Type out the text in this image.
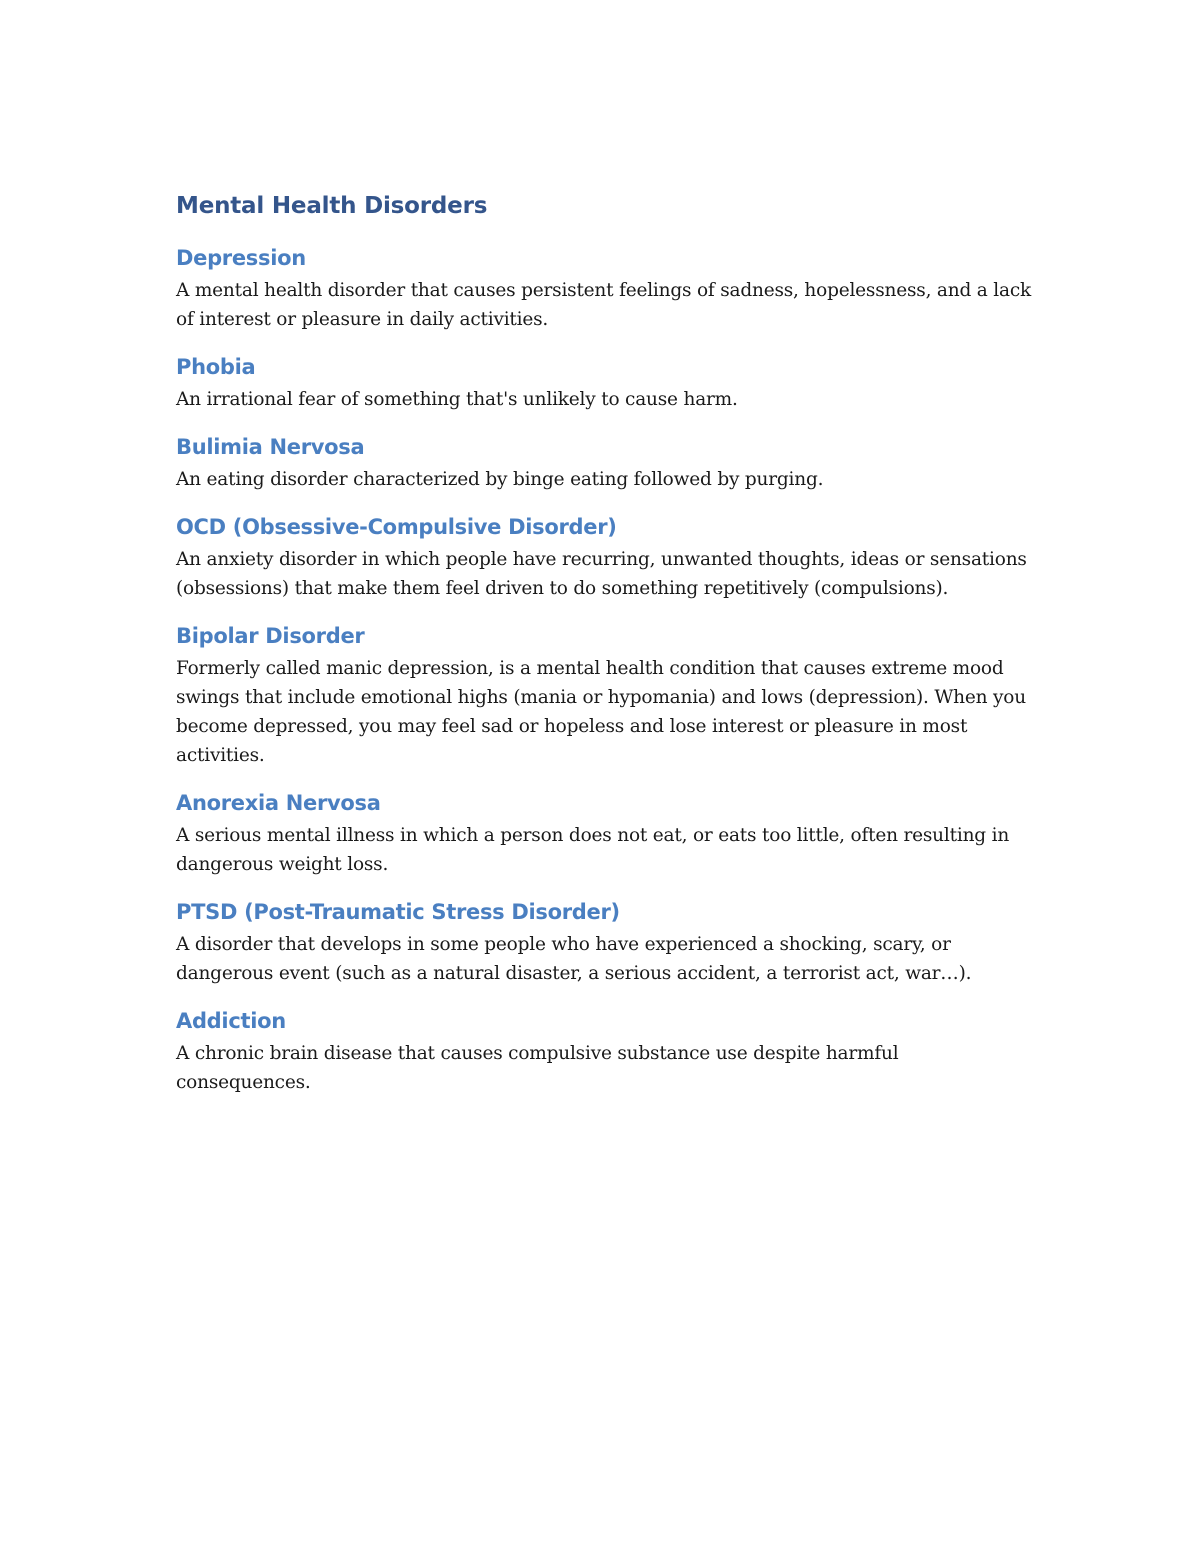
Mental Health Disorders
Depression

A mental health disorder that causes persistent feelings of sadness, hopelessness, and a lack of interest or pleasure in daily activities.

Phobia

An irrational fear of something that's unlikely to cause harm.

Bulimia Nervosa

An eating disorder characterized by binge eating followed by purging.

OCD (Obsessive-Compulsive Disorder)

An anxiety disorder in which people have recurring, unwanted thoughts, ideas or sensations (obsessions) that make them feel driven to do something repetitively (compulsions).

Bipolar Disorder

Formerly called manic depression, is a mental health condition that causes extreme mood swings that include emotional highs (mania or hypomania) and lows (depression). When you become depressed, you may feel sad or hopeless and lose interest or pleasure in most activities.

Anorexia Nervosa

A serious mental illness in which a person does not eat, or eats too little, often resulting in dangerous weight loss.

PTSD (Post-Traumatic Stress Disorder)

A disorder that develops in some people who have experienced a shocking, scary, or dangerous event (such as a natural disaster, a serious accident, a terrorist act, war…).

Addiction

A chronic brain disease that causes compulsive substance use despite harmful consequences.
